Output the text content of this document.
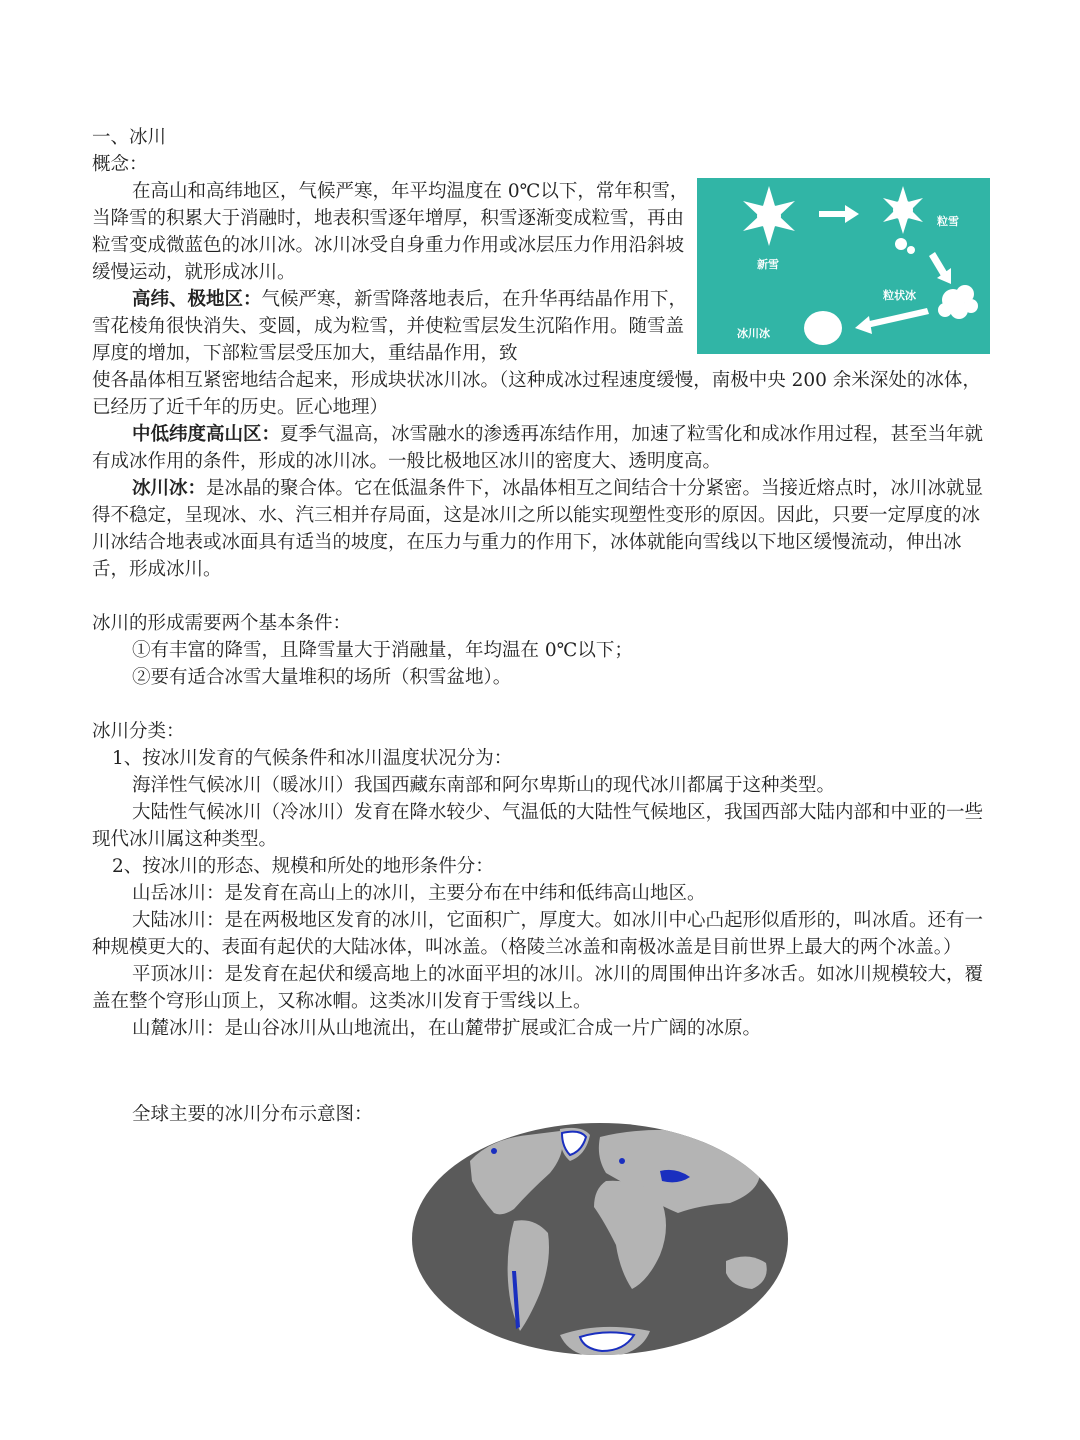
一、冰川

概念：

在高山和高纬地区，气候严寒，年平均温度在 0℃以下，常年积雪，当降雪的积累大于消融时，地表积雪逐年增厚，积雪逐渐变成粒雪，再由粒雪变成微蓝色的冰川冰。冰川冰受自身重力作用或冰层压力作用沿斜坡缓慢运动，就形成冰川。

高纬、极地区：气候严寒，新雪降落地表后，在升华再结晶作用下，雪花棱角很快消失、变圆，成为粒雪，并使粒雪层发生沉陷作用。随雪盖厚度的增加，下部粒雪层受压加大，重结晶作用，致

新雪
粒雪
粒状冰
冰川冰

使各晶体相互紧密地结合起来，形成块状冰川冰。（这种成冰过程速度缓慢，南极中央 200 余米深处的冰体，已经历了近千年的历史。匠心地理）

中低纬度高山区：夏季气温高，冰雪融水的渗透再冻结作用，加速了粒雪化和成冰作用过程，甚至当年就有成冰作用的条件，形成的冰川冰。一般比极地区冰川的密度大、透明度高。

冰川冰：是冰晶的聚合体。它在低温条件下，冰晶体相互之间结合十分紧密。当接近熔点时，冰川冰就显得不稳定，呈现冰、水、汽三相并存局面，这是冰川之所以能实现塑性变形的原因。因此，只要一定厚度的冰川冰结合地表或冰面具有适当的坡度，在压力与重力的作用下，冰体就能向雪线以下地区缓慢流动，伸出冰舌，形成冰川。

冰川的形成需要两个基本条件：

①有丰富的降雪，且降雪量大于消融量，年均温在 0℃以下；

②要有适合冰雪大量堆积的场所（积雪盆地）。

冰川分类：

1、按冰川发育的气候条件和冰川温度状况分为：

海洋性气候冰川（暖冰川）我国西藏东南部和阿尔卑斯山的现代冰川都属于这种类型。

大陆性气候冰川（冷冰川）发育在降水较少、气温低的大陆性气候地区，我国西部大陆内部和中亚的一些现代冰川属这种类型。

2、按冰川的形态、规模和所处的地形条件分：

山岳冰川：是发育在高山上的冰川，主要分布在中纬和低纬高山地区。

大陆冰川：是在两极地区发育的冰川，它面积广，厚度大。如冰川中心凸起形似盾形的，叫冰盾。还有一种规模更大的、表面有起伏的大陆冰体，叫冰盖。（格陵兰冰盖和南极冰盖是目前世界上最大的两个冰盖。）

平顶冰川：是发育在起伏和缓高地上的冰面平坦的冰川。冰川的周围伸出许多冰舌。如冰川规模较大，覆盖在整个穹形山顶上，又称冰帽。这类冰川发育于雪线以上。

山麓冰川：是山谷冰川从山地流出，在山麓带扩展或汇合成一片广阔的冰原。

全球主要的冰川分布示意图：
